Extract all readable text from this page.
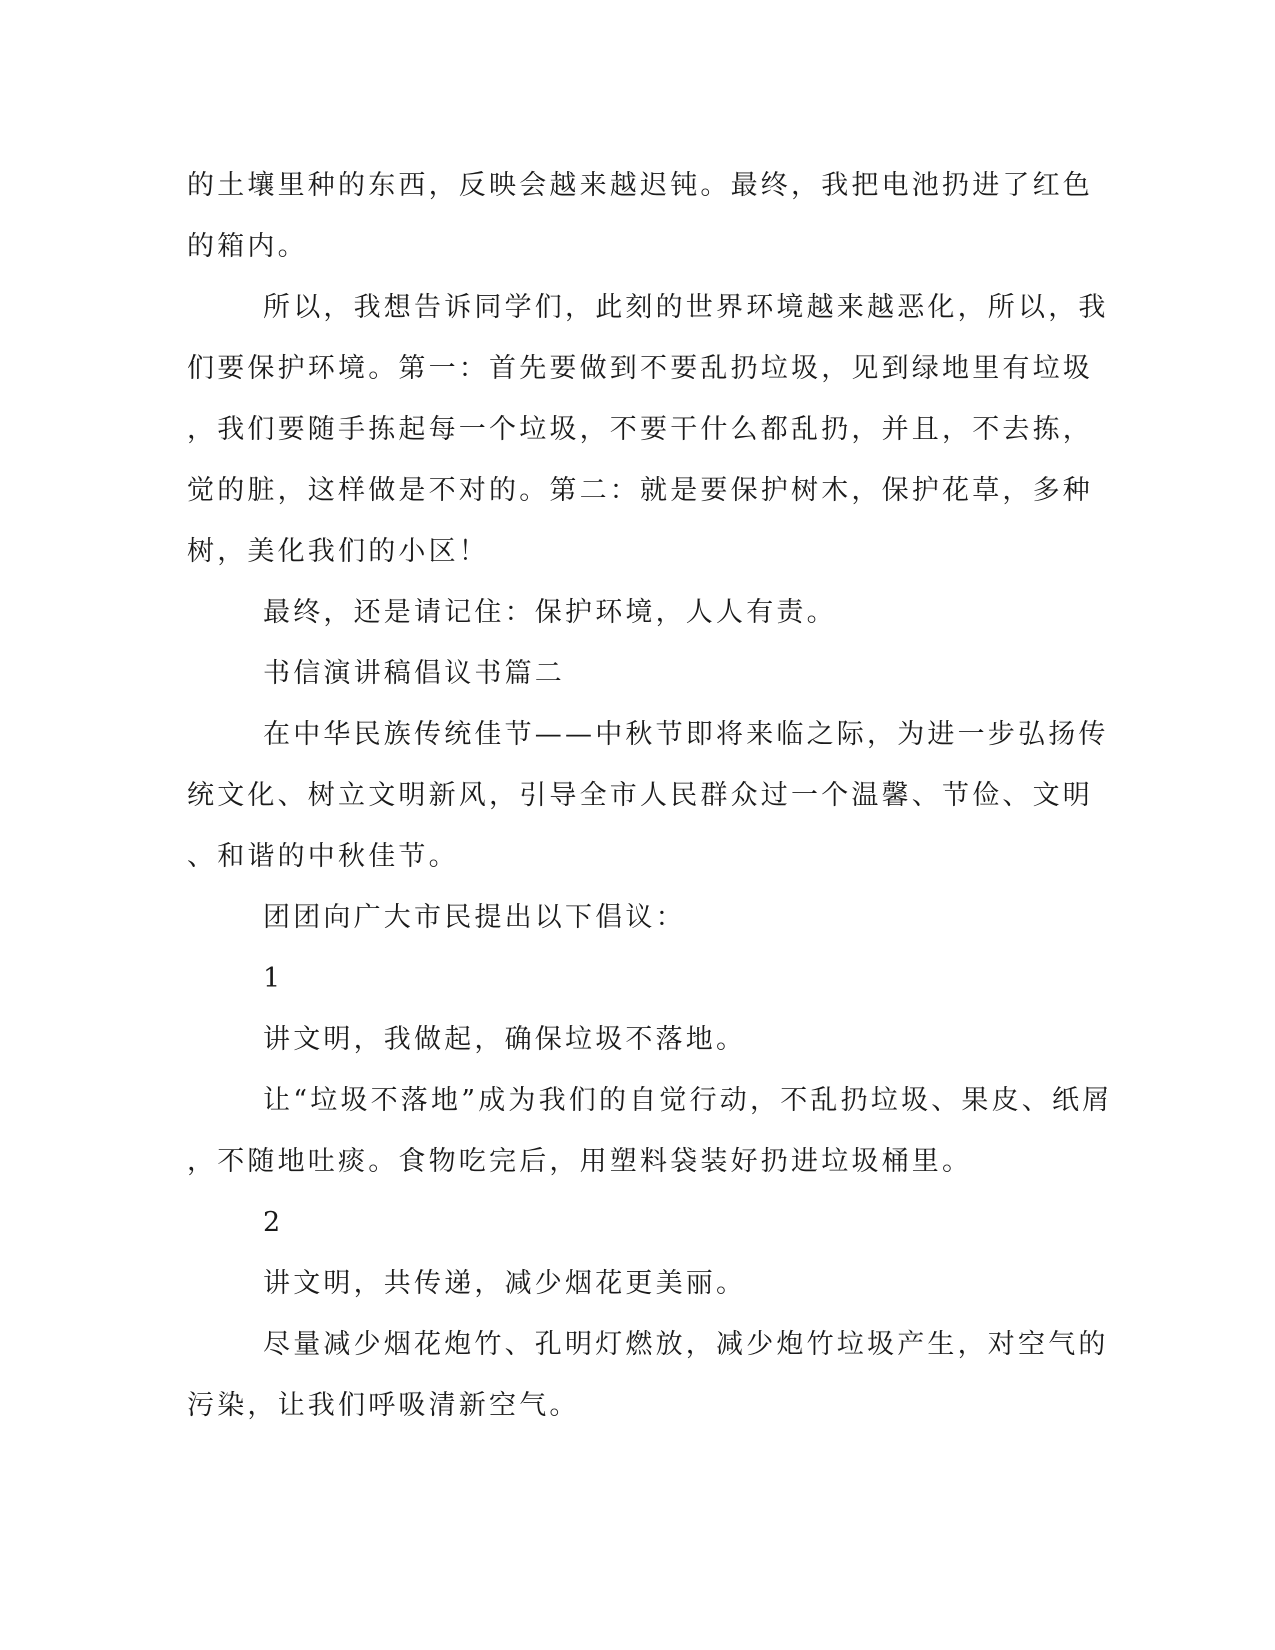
的土壤里种的东西，反映会越来越迟钝。最终，我把电池扔进了红色
的箱内。
所以，我想告诉同学们，此刻的世界环境越来越恶化，所以，我
们要保护环境。第一：首先要做到不要乱扔垃圾，见到绿地里有垃圾
，我们要随手拣起每一个垃圾，不要干什么都乱扔，并且，不去拣，
觉的脏，这样做是不对的。第二：就是要保护树木，保护花草，多种
树，美化我们的小区！
最终，还是请记住：保护环境，人人有责。
书信演讲稿倡议书篇二
在中华民族传统佳节——中秋节即将来临之际，为进一步弘扬传
统文化、树立文明新风，引导全市人民群众过一个温馨、节俭、文明
、和谐的中秋佳节。
团团向广大市民提出以下倡议：
1
讲文明，我做起，确保垃圾不落地。
让“垃圾不落地”成为我们的自觉行动，不乱扔垃圾、果皮、纸屑
，不随地吐痰。食物吃完后，用塑料袋装好扔进垃圾桶里。
2
讲文明，共传递，减少烟花更美丽。
尽量减少烟花炮竹、孔明灯燃放，减少炮竹垃圾产生，对空气的
污染，让我们呼吸清新空气。
